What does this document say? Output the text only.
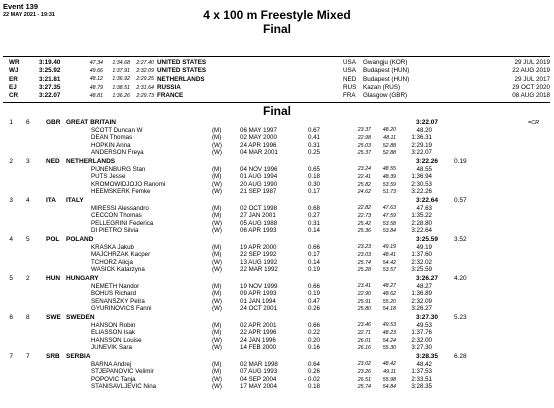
Event 139
22 MAY 2021 - 19:31	4 x 100 m Freestyle Mixed
Final
WR	3:19.40	47.34	1:34.68	2:27.40 UNITED STATES	USA Gwangju (KOR)	29 JUL 2019
WJ	3:25.92	49.66	1:37.91	2:32.09 UNITED STATES	USA Budapest (HUN)	22 AUG 2019
ER	3:21.81	48.12	1:36.92	2:29.25 NETHERLANDS	NED Budapest (HUN)	29 JUL 2017
EJ	3:27.35	48.79	1:38.51	2:31.64 RUSSIA	RUS Kazan (RUS)	29 OCT 2020
CR	3:22.07	48.81	1:36.26	2:29.73 FRANCE	FRA Glasgow (GBR)	08 AUG 2018
Final
1 6	GBR GREAT BRITAIN	3:22.07	=CR
SCOTT Duncan W	(M)	06 MAY 1997	0.67	23.37	48.20	48.20
DEAN Thomas	(M)	02 MAY 2000	0.41	22.98	48.11	1:36.31
HOPKIN Anna	(W)	24 APR 1996	0.31	25.03	52.88	2:29.19
ANDERSON Freya	(W)	04 MAR 2001	0.25	25.37	52.88	3:22.07
2 3	NED NETHERLANDS	3:22.26 0.19
PIJNENBURG Stan	(M)	04 NOV 1996	0.65	23.24	48.55	48.55
PUTS Jesse	(M)	01 AUG 1994	0.18	22.41	48.39	1:36.94
KROMOWIDJOJO Ranomi	(W)	20 AUG 1990	0.30	25.82	53.59	2:30.53
HEEMSKERK Femke	(W)	21 SEP 1987	0.17	24.62	51.73	3:22.26
3 4	ITA ITALY	3:22.64 0.57
MIRESSI Alessandro	(M)	02 OCT 1998	0.68	22.82	47.63	47.63
CECCON Thomas	(M)	27 JAN 2001	0.27	22.73	47.59	1:35.22
PELLEGRINI Federica	(W)	05 AUG 1988	0.31	25.42	53.58	2:28.80
DI PIETRO Silvia	(W)	06 APR 1993	0.14	25.36	53.84	3:22.64
4 5	POL POLAND	3:25.59 3.52
KRASKA Jakub	(M)	19 APR 2000	0.66	23.23	49.19	49.19
MAJCHRZAK Kacper	(M)	22 SEP 1992	0.17	23.03	48.41	1:37.60
TCHORZ Alicja	(W)	13 AUG 1992	0.14	25.74	54.42	2:32.02
WASICK Katarzyna	(W)	22 MAR 1992	0.19	25.28	53.57	3:25.59
5 2	HUN HUNGARY	3:26.27 4.20
NEMETH Nandor	(M)	19 NOV 1999	0.66	23.41	48.27	48.27
BOHUS Richard	(M)	09 APR 1993	0.19	22.90	48.62	1:36.89
SENANSZKY Petra	(W)	01 JAN 1994	0.47	25.91	55.20	2:32.09
GYURINOVICS Fanni	(W)	24 OCT 2001	0.26	25.80	54.18	3:26.27
6 8	SWE SWEDEN	3:27.30 5.23
HANSON Robin	(M)	02 APR 2001	0.66	23.46	49.53	49.53
ELIASSON Isak	(M)	22 APR 1996	0.22	22.71	48.23	1:37.76
HANSSON Louise	(W)	24 JAN 1996	0.20	26.01	54.24	2:32.00
JUNEVIK Sara	(W)	14 FEB 2000	0.16	26.16	55.30	3:27.30
7 7	SRB SERBIA	3:28.35 6.28
BARNA Andrej	(M)	02 MAR 1998	0.64	23.02	48.42	48.42
STJEPANOVIC Velimir	(M)	07 AUG 1993	0.26	23.26	49.11	1:37.53
POPOVIC Tanja	(W)	04 SEP 2004	- 0.02	26.51	55.98	2:33.51
STANISAVLJEVIC Nina	(W)	17 MAY 2004	0.18	25.74	54.84	3:28.35
